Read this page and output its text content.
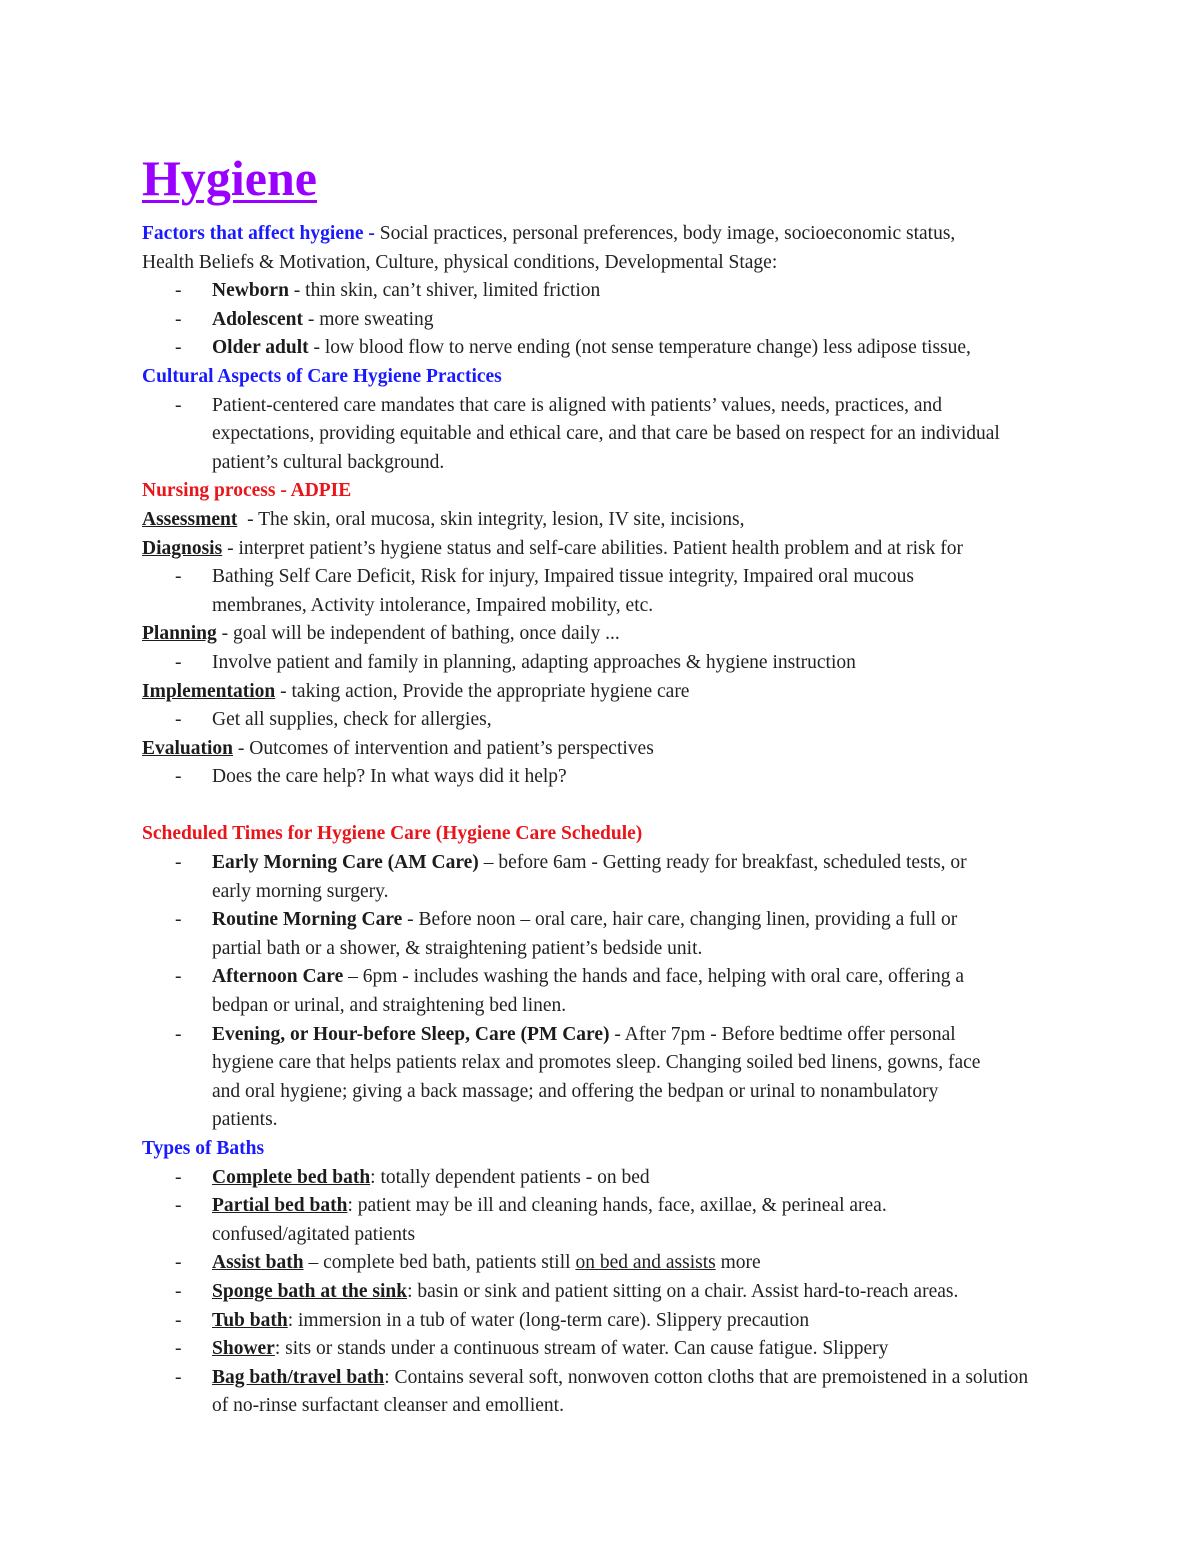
Hygiene
Factors that affect hygiene - Social practices, personal preferences, body image, socioeconomic status,
Health Beliefs & Motivation, Culture, physical conditions, Developmental Stage:
- Newborn - thin skin, can’t shiver, limited friction
- Adolescent - more sweating
- Older adult - low blood flow to nerve ending (not sense temperature change) less adipose tissue,
Cultural Aspects of Care Hygiene Practices
- Patient-centered care mandates that care is aligned with patients’ values, needs, practices, and expectations, providing equitable and ethical care, and that care be based on respect for an individual patient’s cultural background.
Nursing process - ADPIE
Assessment  - The skin, oral mucosa, skin integrity, lesion, IV site, incisions,
Diagnosis - interpret patient’s hygiene status and self-care abilities. Patient health problem and at risk for
- Bathing Self Care Deficit, Risk for injury, Impaired tissue integrity, Impaired oral mucous membranes, Activity intolerance, Impaired mobility, etc.
Planning - goal will be independent of bathing, once daily ...
- Involve patient and family in planning, adapting approaches & hygiene instruction
Implementation - taking action, Provide the appropriate hygiene care
- Get all supplies, check for allergies,
Evaluation - Outcomes of intervention and patient’s perspectives
- Does the care help? In what ways did it help?
Scheduled Times for Hygiene Care (Hygiene Care Schedule)
- Early Morning Care (AM Care) – before 6am - Getting ready for breakfast, scheduled tests, or early morning surgery.
- Routine Morning Care - Before noon – oral care, hair care, changing linen, providing a full or partial bath or a shower, & straightening patient’s bedside unit.
- Afternoon Care – 6pm - includes washing the hands and face, helping with oral care, offering a bedpan or urinal, and straightening bed linen.
- Evening, or Hour-before Sleep, Care (PM Care) - After 7pm - Before bedtime offer personal hygiene care that helps patients relax and promotes sleep. Changing soiled bed linens, gowns, face and oral hygiene; giving a back massage; and offering the bedpan or urinal to nonambulatory patients.
Types of Baths
- Complete bed bath: totally dependent patients - on bed
- Partial bed bath: patient may be ill and cleaning hands, face, axillae, & perineal area. confused/agitated patients
- Assist bath – complete bed bath, patients still on bed and assists more
- Sponge bath at the sink: basin or sink and patient sitting on a chair. Assist hard-to-reach areas.
- Tub bath: immersion in a tub of water (long-term care). Slippery precaution
- Shower: sits or stands under a continuous stream of water. Can cause fatigue. Slippery
- Bag bath/travel bath: Contains several soft, nonwoven cotton cloths that are premoistened in a solution of no-rinse surfactant cleanser and emollient.
